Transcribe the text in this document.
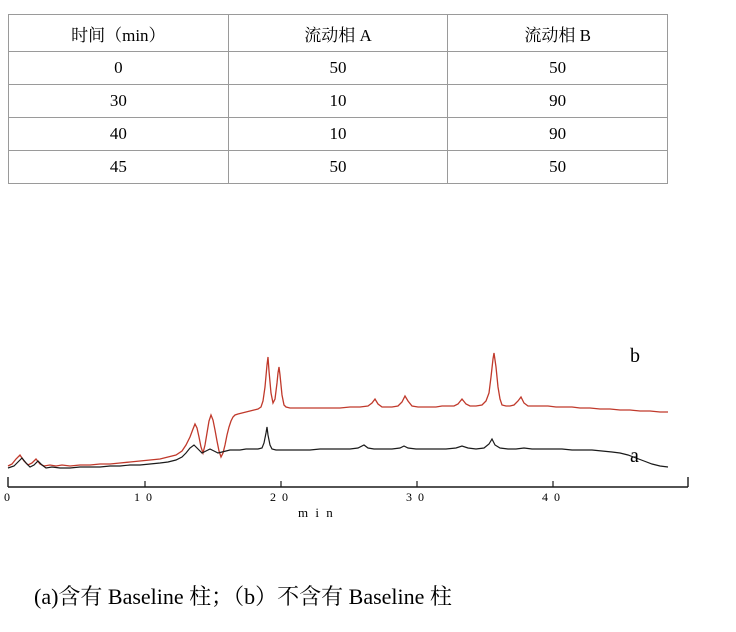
时间（min）	流动相 A	流动相 B
0	50	50
30	10	90
40	10	90
45	50	50
0	1 0	2 0	3 0	4 0
m i n
b
a
(a)含有 Baseline 柱；（b）不含有 Baseline 柱
